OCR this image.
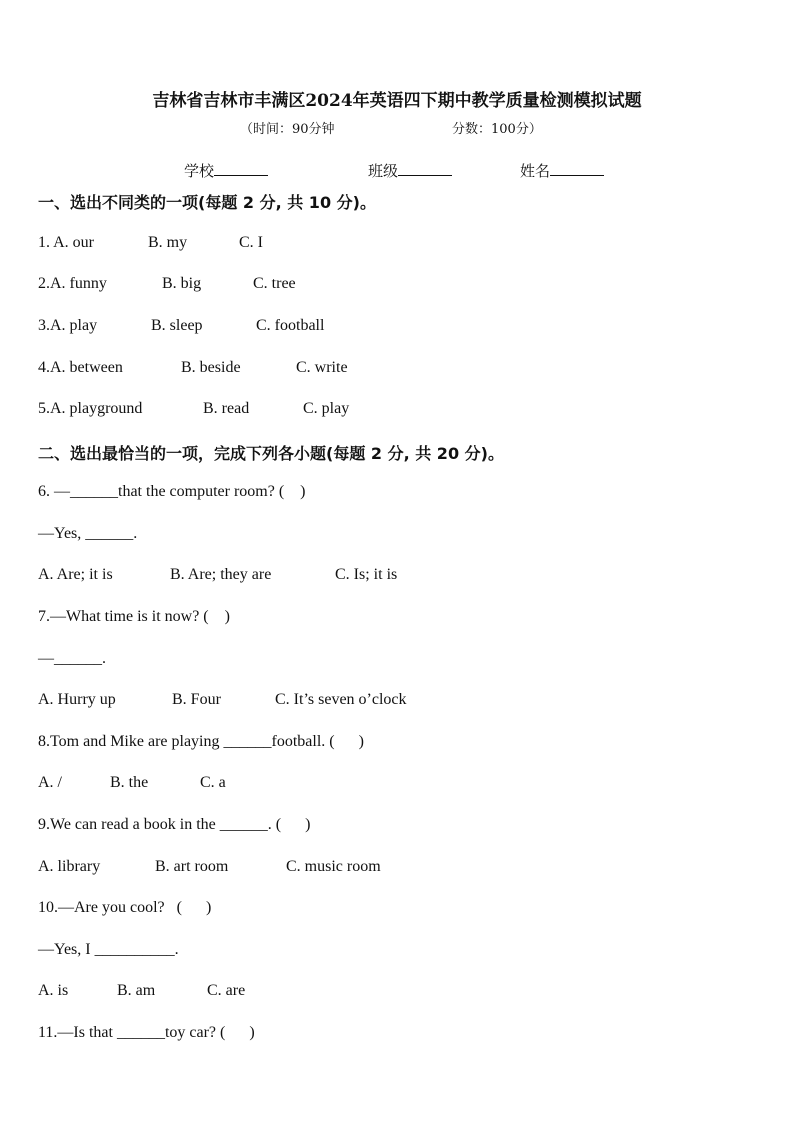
吉林省吉林市丰满区2024年英语四下期中教学质量检测模拟试题
（时间：90分钟	分数：100分）
学校	班级	姓名
一、选出不同类的一项(每题 2 分, 共 10 分)。
1. A. our	B. my	C. I
2.A. funny	B. big	C. tree
3.A. play	B. sleep	C. football
4.A. between	B. beside	C. write
5.A. playground	B. read	C. play
二、选出最恰当的一项，完成下列各小题(每题 2 分, 共 20 分)。
6. —______that the computer room? (    )
—Yes, ______.
A. Are; it is	B. Are; they are	C. Is; it is
7.—What time is it now? (    )
—______.
A. Hurry up	B. Four	C. It’s seven o’clock
8.Tom and Mike are playing ______football. (      )
A. /	B. the	C. a
9.We can read a book in the ______. (      )
A. library	B. art room	C. music room
10.—Are you cool?   (      )
—Yes, I __________.
A. is	B. am	C. are
11.—Is that ______toy car? (      )
